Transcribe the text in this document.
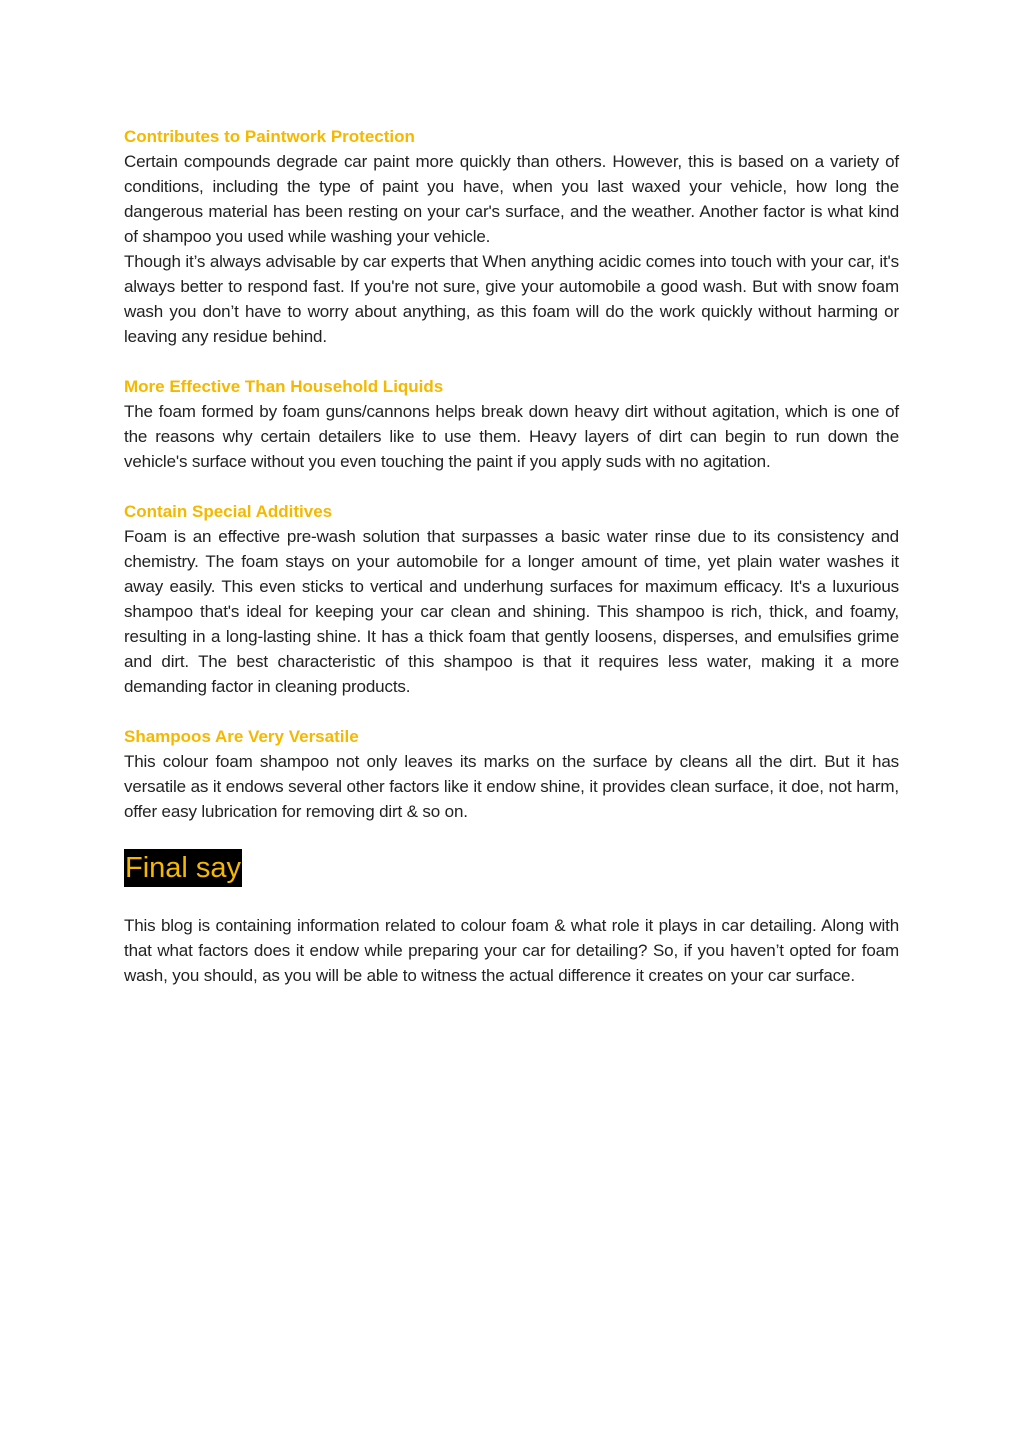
Contributes to Paintwork Protection

Certain compounds degrade car paint more quickly than others. However, this is based on a variety of conditions, including the type of paint you have, when you last waxed your vehicle, how long the dangerous material has been resting on your car's surface, and the weather. Another factor is what kind of shampoo you used while washing your vehicle.

Though it’s always advisable by car experts that When anything acidic comes into touch with your car, it's always better to respond fast. If you're not sure, give your automobile a good wash. But with snow foam wash you don’t have to worry about anything, as this foam will do the work quickly without harming or leaving any residue behind.

More Effective Than Household Liquids

The foam formed by foam guns/cannons helps break down heavy dirt without agitation, which is one of the reasons why certain detailers like to use them. Heavy layers of dirt can begin to run down the vehicle's surface without you even touching the paint if you apply suds with no agitation.

Contain Special Additives

Foam is an effective pre-wash solution that surpasses a basic water rinse due to its consistency and chemistry. The foam stays on your automobile for a longer amount of time, yet plain water washes it away easily. This even sticks to vertical and underhung surfaces for maximum efficacy. It's a luxurious shampoo that's ideal for keeping your car clean and shining. This shampoo is rich, thick, and foamy, resulting in a long-lasting shine. It has a thick foam that gently loosens, disperses, and emulsifies grime and dirt. The best characteristic of this shampoo is that it requires less water, making it a more demanding factor in cleaning products.

Shampoos Are Very Versatile

This colour foam shampoo not only leaves its marks on the surface by cleans all the dirt. But it has versatile as it endows several other factors like it endow shine, it provides clean surface, it doe, not harm, offer easy lubrication for removing dirt & so on.

Final say

This blog is containing information related to colour foam & what role it plays in car detailing. Along with that what factors does it endow while preparing your car for detailing? So, if you haven’t opted for foam wash, you should, as you will be able to witness the actual difference it creates on your car surface.
